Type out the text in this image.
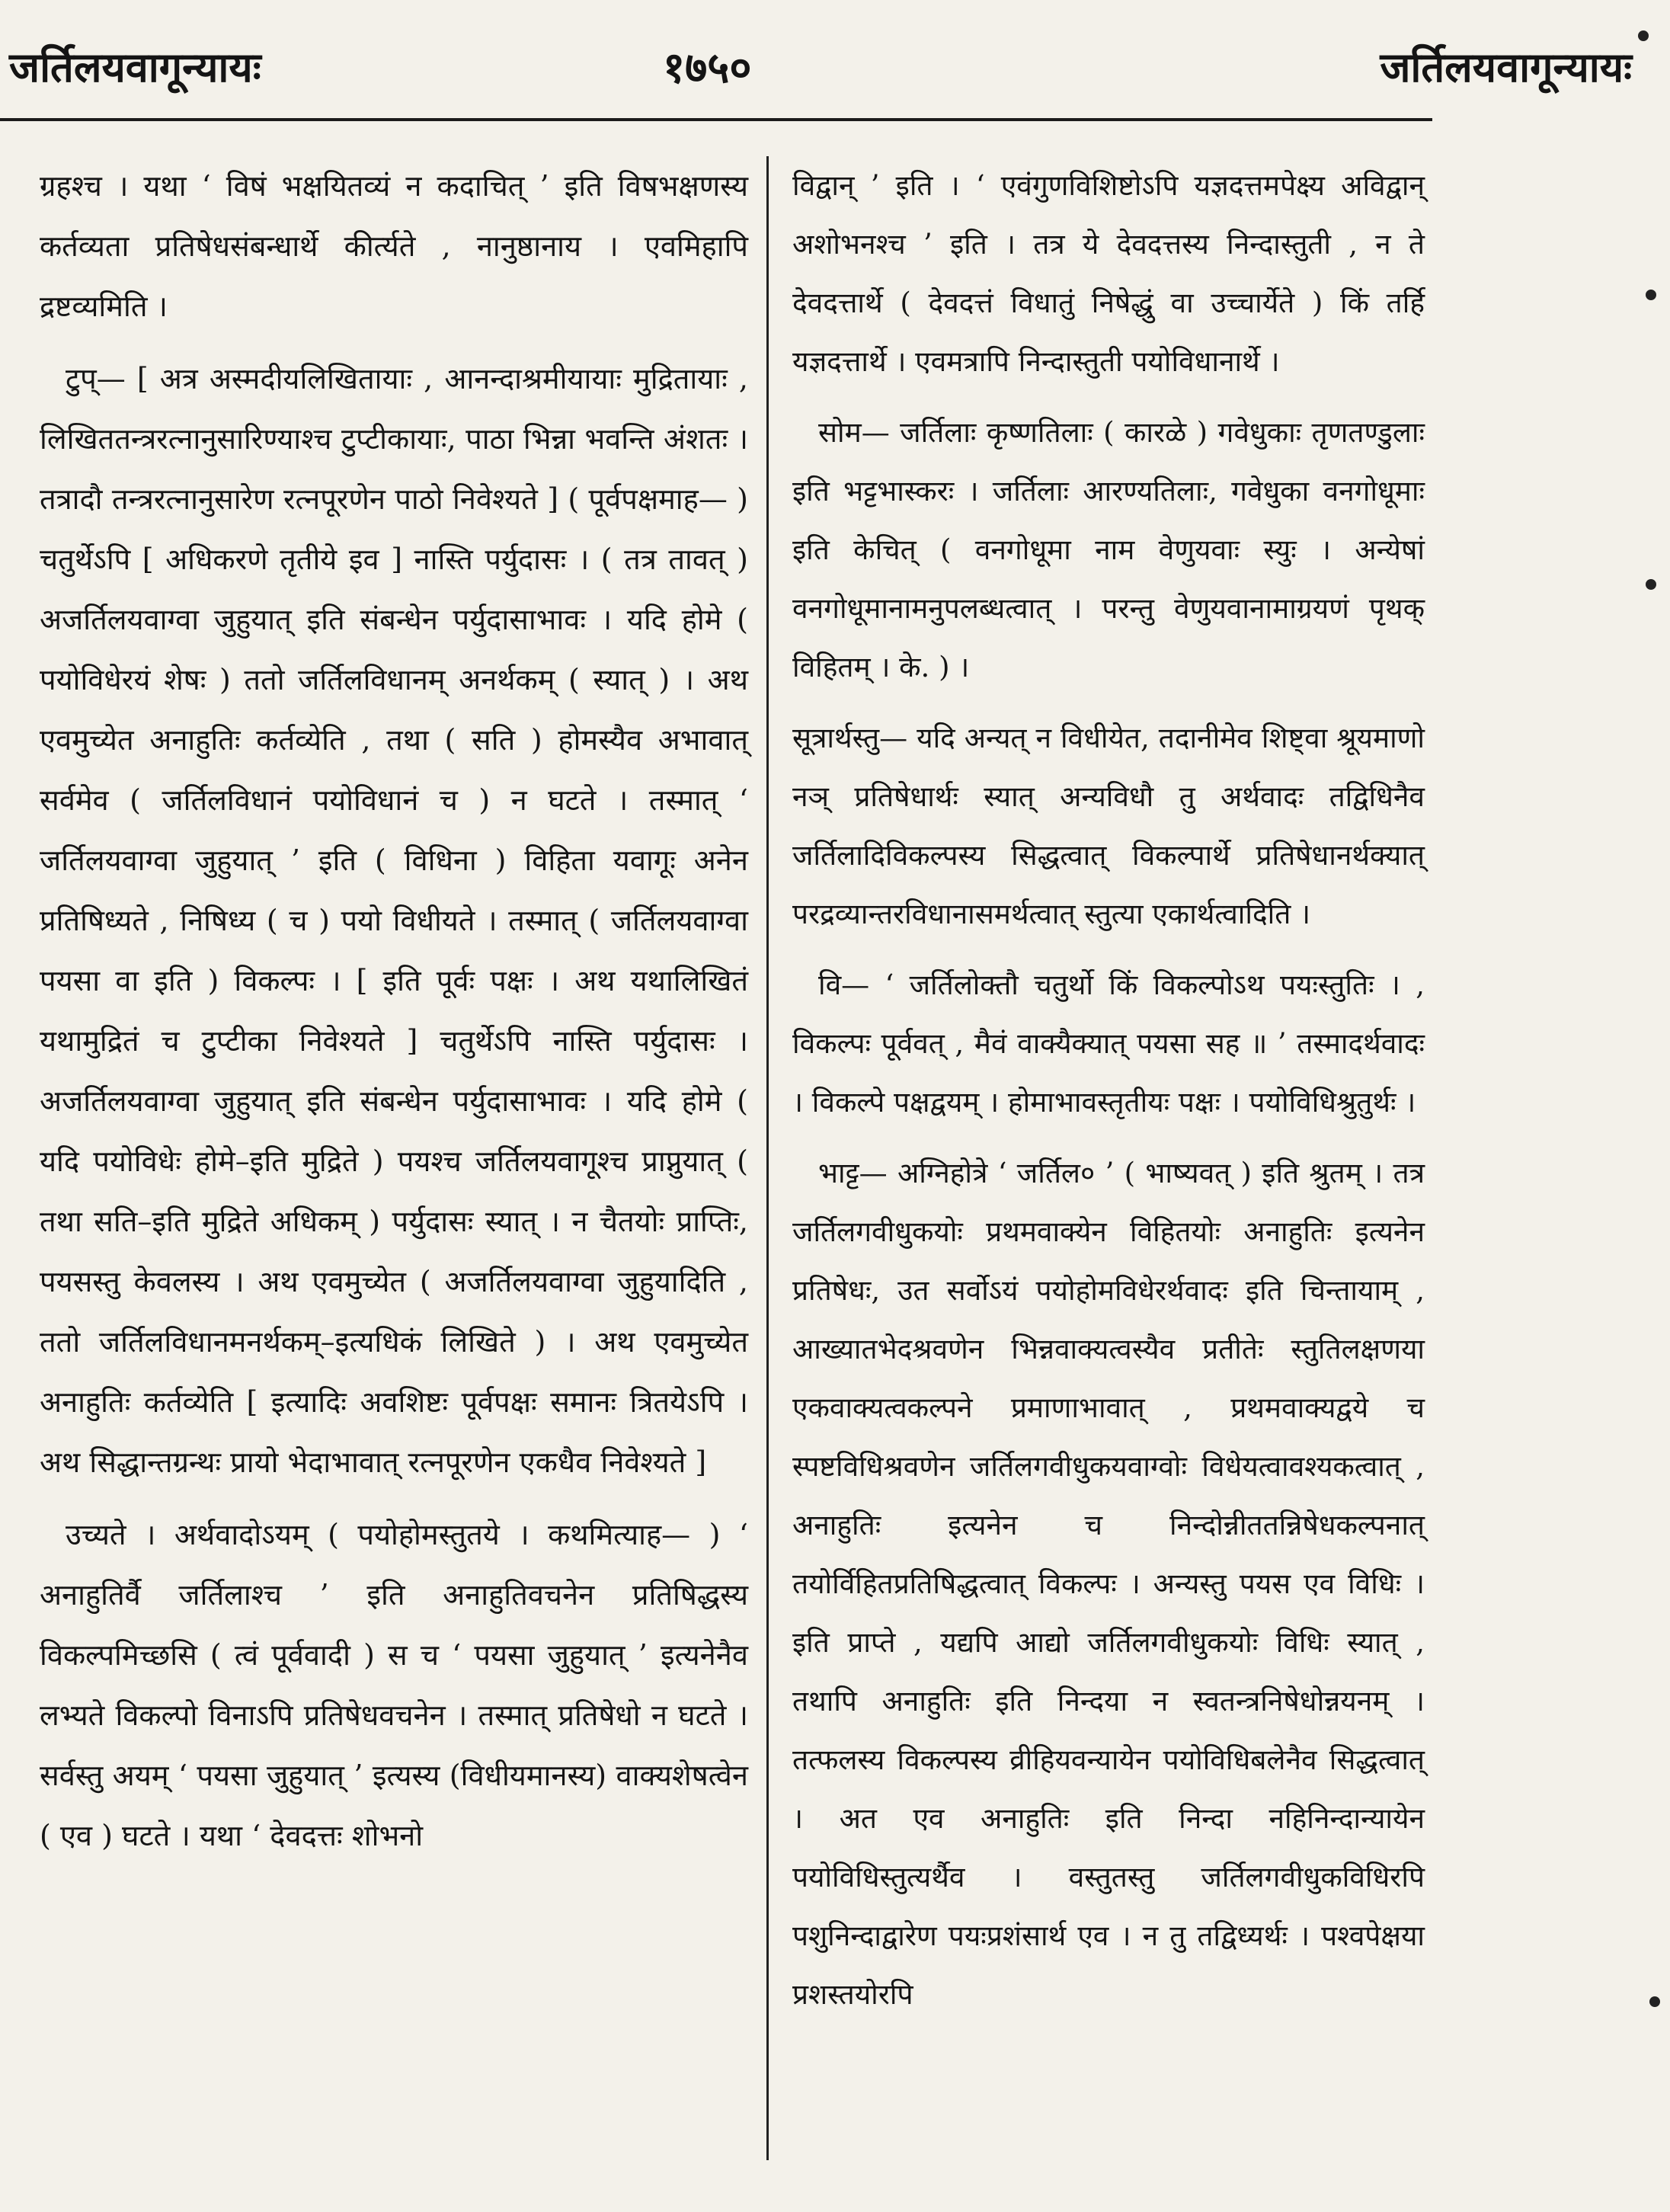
जर्तिलयवागून्यायः	१७५०	जर्तिलयवागून्यायः

ग्रहश्च । यथा ‘ विषं भक्षयितव्यं न कदाचित् ’ इति विषभक्षणस्य कर्तव्यता प्रतिषेधसंबन्धार्थे कीर्त्यते , नानुष्ठानाय । एवमिहापि द्रष्टव्यमिति ।

टुप्— [ अत्र अस्मदीयलिखितायाः , आनन्दाश्रमीयायाः मुद्रितायाः , लिखिततन्त्ररत्नानुसारिण्याश्च टुप्टीकायाः, पाठा भिन्ना भवन्ति अंशतः । तत्रादौ तन्त्ररत्नानुसारेण रत्नपूरणेन पाठो निवेश्यते ] ( पूर्वपक्षमाह— ) चतुर्थेऽपि [ अधिकरणे तृतीये इव ] नास्ति पर्युदासः । ( तत्र तावत् ) अजर्तिलयवाग्वा जुहुयात् इति संबन्धेन पर्युदासाभावः । यदि होमे ( पयोविधेरयं शेषः ) ततो जर्तिलविधानम् अनर्थकम् ( स्यात् ) । अथ एवमुच्येत अनाहुतिः कर्तव्येति , तथा ( सति ) होमस्यैव अभावात् सर्वमेव ( जर्तिलविधानं पयोविधानं च ) न घटते । तस्मात् ‘ जर्तिलयवाग्वा जुहुयात् ’ इति ( विधिना ) विहिता यवागूः अनेन प्रतिषिध्यते , निषिध्य ( च ) पयो विधीयते । तस्मात् ( जर्तिलयवाग्वा पयसा वा इति ) विकल्पः । [ इति पूर्वः पक्षः । अथ यथालिखितं यथामुद्रितं च टुप्टीका निवेश्यते ] चतुर्थेऽपि नास्ति पर्युदासः । अजर्तिलयवाग्वा जुहुयात् इति संबन्धेन पर्युदासाभावः । यदि होमे ( यदि पयोविधेः होमे–इति मुद्रिते ) पयश्च जर्तिलयवागूश्च प्राप्नुयात् ( तथा सति–इति मुद्रिते अधिकम् ) पर्युदासः स्यात् । न चैतयोः प्राप्तिः, पयसस्तु केवलस्य । अथ एवमुच्येत ( अजर्तिलयवाग्वा जुहुयादिति , ततो जर्तिलविधानमनर्थकम्–इत्यधिकं लिखिते ) । अथ एवमुच्येत अनाहुतिः कर्तव्येति [ इत्यादिः अवशिष्टः पूर्वपक्षः समानः त्रितयेऽपि । अथ सिद्धान्तग्रन्थः प्रायो भेदाभावात् रत्नपूरणेन एकधैव निवेश्यते ]

उच्यते । अर्थवादोऽयम् ( पयोहोमस्तुतये । कथमित्याह— ) ‘ अनाहुतिर्वै जर्तिलाश्च ’ इति अनाहुतिवचनेन प्रतिषिद्धस्य विकल्पमिच्छसि ( त्वं पूर्ववादी ) स च ‘ पयसा जुहुयात् ’ इत्यनेनैव लभ्यते विकल्पो विनाऽपि प्रतिषेधवचनेन । तस्मात् प्रतिषेधो न घटते । सर्वस्तु अयम् ‘ पयसा जुहुयात् ’ इत्यस्य (विधीयमानस्य) वाक्यशेषत्वेन ( एव ) घटते । यथा ‘ देवदत्तः शोभनो

विद्वान् ’ इति । ‘ एवंगुणविशिष्टोऽपि यज्ञदत्तमपेक्ष्य अविद्वान् अशोभनश्च ’ इति । तत्र ये देवदत्तस्य निन्दास्तुती , न ते देवदत्तार्थे ( देवदत्तं विधातुं निषेद्धुं वा उच्चार्येते ) किं तर्हि यज्ञदत्तार्थे । एवमत्रापि निन्दास्तुती पयोविधानार्थे ।

सोम— जर्तिलाः कृष्णतिलाः ( कारळे ) गवेधुकाः तृणतण्डुलाः इति भट्टभास्करः । जर्तिलाः आरण्यतिलाः, गवेधुका वनगोधूमाः इति केचित् ( वनगोधूमा नाम वेणुयवाः स्युः । अन्येषां वनगोधूमानामनुपलब्धत्वात् । परन्तु वेणुयवानामाग्रयणं पृथक् विहितम् । के. ) ।

सूत्रार्थस्तु— यदि अन्यत् न विधीयेत, तदानीमेव शिष्ट्वा श्रूयमाणो नञ् प्रतिषेधार्थः स्यात् अन्यविधौ तु अर्थवादः तद्विधिनैव जर्तिलादिविकल्पस्य सिद्धत्वात् विकल्पार्थे प्रतिषेधानर्थक्यात् परद्रव्यान्तरविधानासमर्थत्वात् स्तुत्या एकार्थत्वादिति ।

वि— ‘ जर्तिलोक्तौ चतुर्थो किं विकल्पोऽथ पयःस्तुतिः । , विकल्पः पूर्ववत् , मैवं वाक्यैक्यात् पयसा सह ॥ ’ तस्मादर्थवादः । विकल्पे पक्षद्वयम् । होमाभावस्तृतीयः पक्षः । पयोविधिश्रुतुर्थः ।

भाट्ट— अग्निहोत्रे ‘ जर्तिल० ’ ( भाष्यवत् ) इति श्रुतम् । तत्र जर्तिलगवीधुकयोः प्रथमवाक्येन विहितयोः अनाहुतिः इत्यनेन प्रतिषेधः, उत सर्वोऽयं पयोहोमविधेरर्थवादः इति चिन्तायाम् , आख्यातभेदश्रवणेन भिन्नवाक्यत्वस्यैव प्रतीतेः स्तुतिलक्षणया एकवाक्यत्वकल्पने प्रमाणाभावात् , प्रथमवाक्यद्वये च स्पष्टविधिश्रवणेन जर्तिलगवीधुकयवाग्वोः विधेयत्वावश्यकत्वात् , अनाहुतिः इत्यनेन च निन्दोन्नीततन्निषेधकल्पनात् तयोर्विहितप्रतिषिद्धत्वात् विकल्पः । अन्यस्तु पयस एव विधिः । इति प्राप्ते , यद्यपि आद्यो जर्तिलगवीधुकयोः विधिः स्यात् , तथापि अनाहुतिः इति निन्दया न स्वतन्त्रनिषेधोन्नयनम् । तत्फलस्य विकल्पस्य व्रीहियवन्यायेन पयोविधिबलेनैव सिद्धत्वात् । अत एव अनाहुतिः इति निन्दा नहिनिन्दान्यायेन पयोविधिस्तुत्यर्थैव । वस्तुतस्तु जर्तिलगवीधुकविधिरपि पशुनिन्दाद्वारेण पयःप्रशंसार्थ एव । न तु तद्विध्यर्थः । पश्वपेक्षया प्रशस्तयोरपि
